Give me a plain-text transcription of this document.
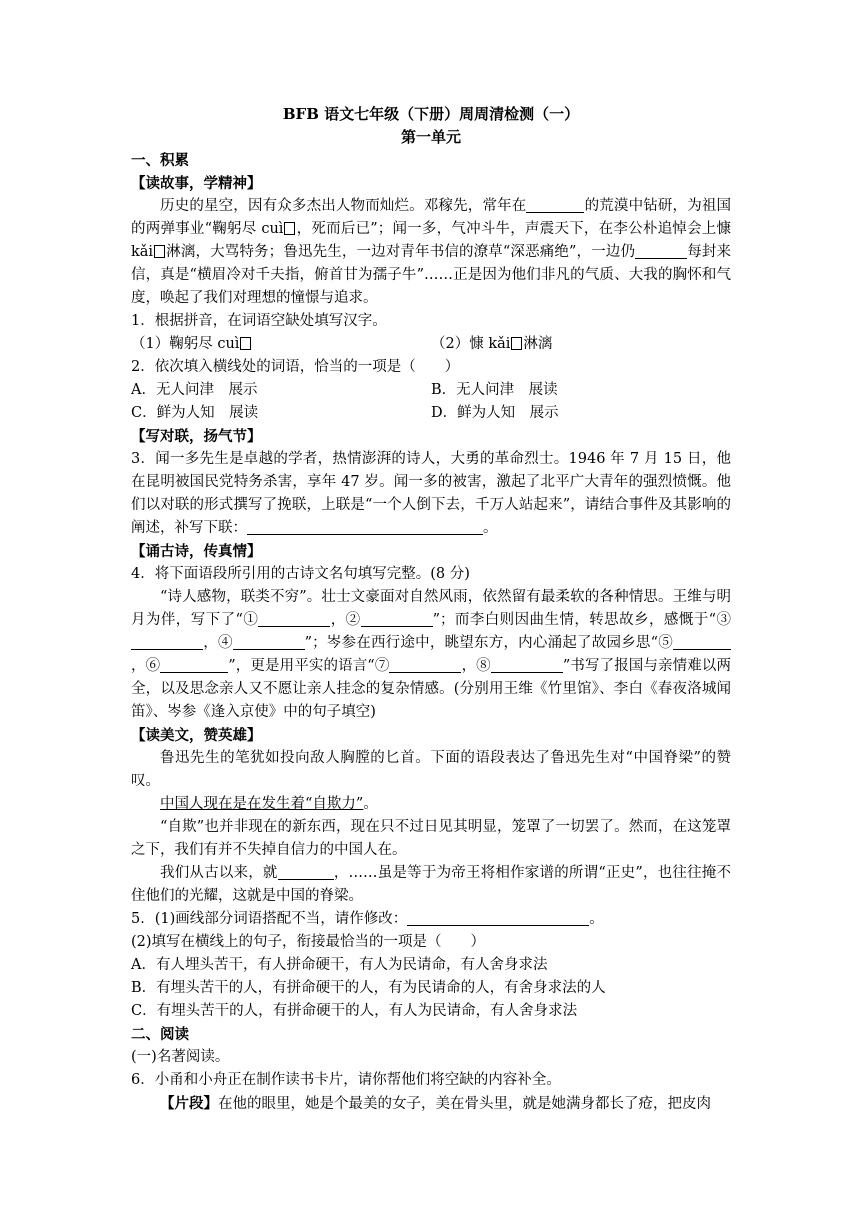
BFB 语文七年级（下册）周周清检测（一）

第一单元

一、积累

【读故事，学精神】

历史的星空，因有众多杰出人物而灿烂。邓稼先，常年在	的荒漠中钻研，为祖国的两弹事业“鞠躬尽 cuì ，死而后已”；闻一多，气冲斗牛，声震天下，在李公朴追悼会上慷 kǎi 淋漓，大骂特务；鲁迅先生，一边对青年书信的潦草“深恶痛绝”，一边仍	每封来信，真是“横眉冷对千夫指，俯首甘为孺子牛”……正是因为他们非凡的气质、大我的胸怀和气度，唤起了我们对理想的憧憬与追求。

1．根据拼音，在词语空缺处填写汉字。

（1）鞠躬尽 cuì	（2）慷 kǎi 淋漓

2．依次填入横线处的词语，恰当的一项是（　　）

A．无人问津　展示	B．无人问津　展读
C．鲜为人知　展读	D．鲜为人知　展示

【写对联，扬气节】

3．闻一多先生是卓越的学者，热情澎湃的诗人，大勇的革命烈士。1946 年 7 月 15 日，他在昆明被国民党特务杀害，享年 47 岁。闻一多的被害，激起了北平广大青年的强烈愤慨。他们以对联的形式撰写了挽联，上联是“一个人倒下去，千万人站起来”，请结合事件及其影响的阐述，补写下联：	。

【诵古诗，传真情】

4．将下面语段所引用的古诗文名句填写完整。(8 分)

“诗人感物，联类不穷”。壮士文豪面对自然风雨，依然留有最柔软的各种情思。王维与明月为伴，写下了“①	，②	”；而李白则因曲生情，转思故乡，感慨于“③，④	”；岑参在西行途中，眺望东方，内心涌起了故园乡思“⑤，⑥	”，更是用平实的语言“⑦	，⑧	”书写了报国与亲情难以两全，以及思念亲人又不愿让亲人挂念的复杂情感。(分别用王维《竹里馆》、李白《春夜洛城闻笛》、岑参《逢入京使》中的句子填空)

【读美文，赞英雄】

鲁迅先生的笔犹如投向敌人胸膛的匕首。下面的语段表达了鲁迅先生对“中国脊梁”的赞叹。

中国人现在是在发生着“自欺力”。

“自欺”也并非现在的新东西，现在只不过日见其明显，笼罩了一切罢了。然而，在这笼罩之下，我们有并不失掉自信力的中国人在。

我们从古以来，就	，……虽是等于为帝王将相作家谱的所谓“正史”，也往往掩不住他们的光耀，这就是中国的脊梁。

5．(1)画线部分词语搭配不当，请作修改：	。

(2)填写在横线上的句子，衔接最恰当的一项是（　　）

A．有人埋头苦干，有人拼命硬干，有人为民请命，有人舍身求法

B．有埋头苦干的人，有拼命硬干的人，有为民请命的人，有舍身求法的人

C．有埋头苦干的人，有拼命硬干的人，有人为民请命，有人舍身求法

二、阅读

(一)名著阅读。

6．小甬和小舟正在制作读书卡片，请你帮他们将空缺的内容补全。

【片段】在他的眼里，她是个最美的女子，美在骨头里，就是她满身都长了疮，把皮肉
